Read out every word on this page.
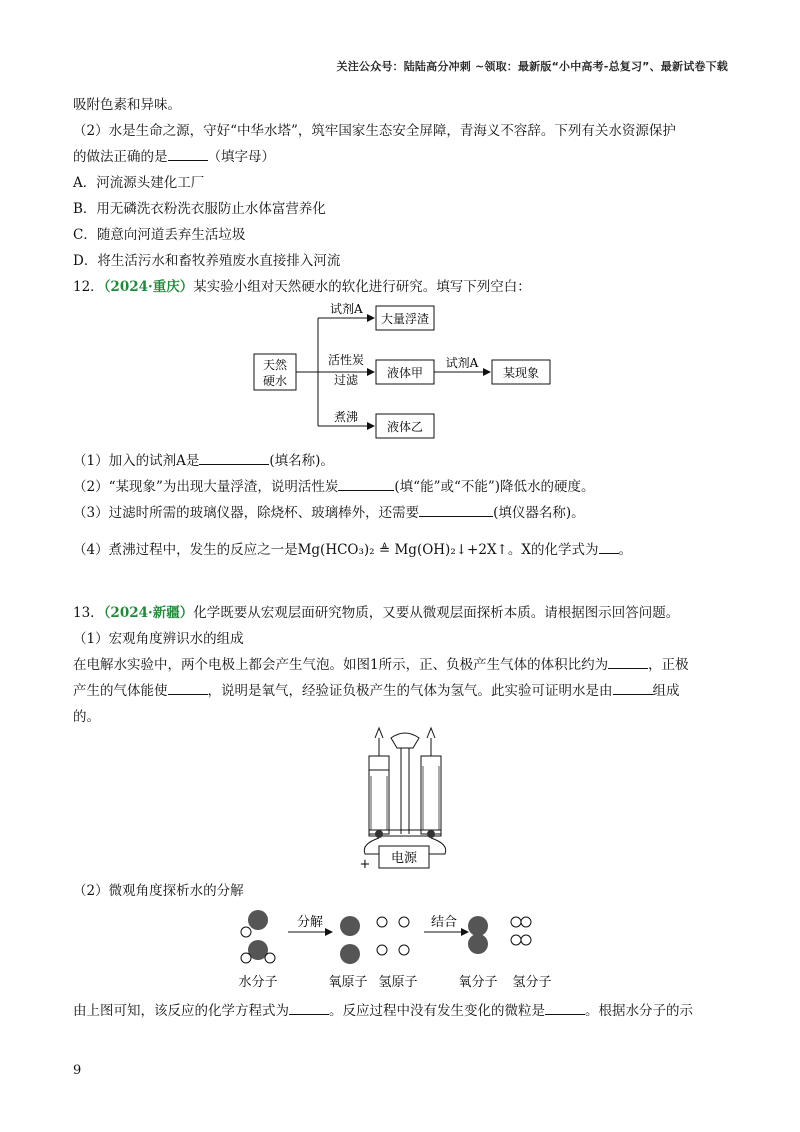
关注公众号：陆陆高分冲刺 ~领取：最新版“小中高考-总复习”、最新试卷下载
吸附色素和异味。
（2）水是生命之源，守好“中华水塔”，筑牢国家生态安全屏障，青海义不容辞。下列有关水资源保护
的做法正确的是	（填字母）
A．河流源头建化工厂
B．用无磷洗衣粉洗衣服防止水体富营养化
C．随意向河道丢弃生活垃圾
D．将生活污水和畜牧养殖废水直接排入河流
12．（2024·重庆）某实验小组对天然硬水的软化进行研究。填写下列空白：
天然
硬水
试剂A
大量浮渣
活性炭
过滤 液体甲
试剂A
某现象
煮沸
液体乙
（1）加入的试剂A是	(填名称)。
（2）“某现象”为出现大量浮渣，说明活性炭	(填“能”或“不能”)降低水的硬度。
（3）过滤时所需的玻璃仪器，除烧杯、玻璃棒外，还需要	(填仪器名称)。
（4）煮沸过程中，发生的反应之一是Mg(HCO₃)₂ ≜ Mg(OH)₂↓+2X↑。X的化学式为 。
13．（2024·新疆）化学既要从宏观层面研究物质，又要从微观层面探析本质。请根据图示回答问题。
（1）宏观角度辨识水的组成
在电解水实验中，两个电极上都会产生气泡。如图1所示，正、负极产生气体的体积比约为	，正极
产生的气体能使	，说明是氧气，经验证负极产生的气体为氢气。此实验可证明水是由	组成
的。
电源
+
（2）微观角度探析水的分解
分解	结合
水分子	氧原子 氢原子	氧分子 氢分子
由上图可知，该反应的化学方程式为	。反应过程中没有发生变化的微粒是	。根据水分子的示
9
